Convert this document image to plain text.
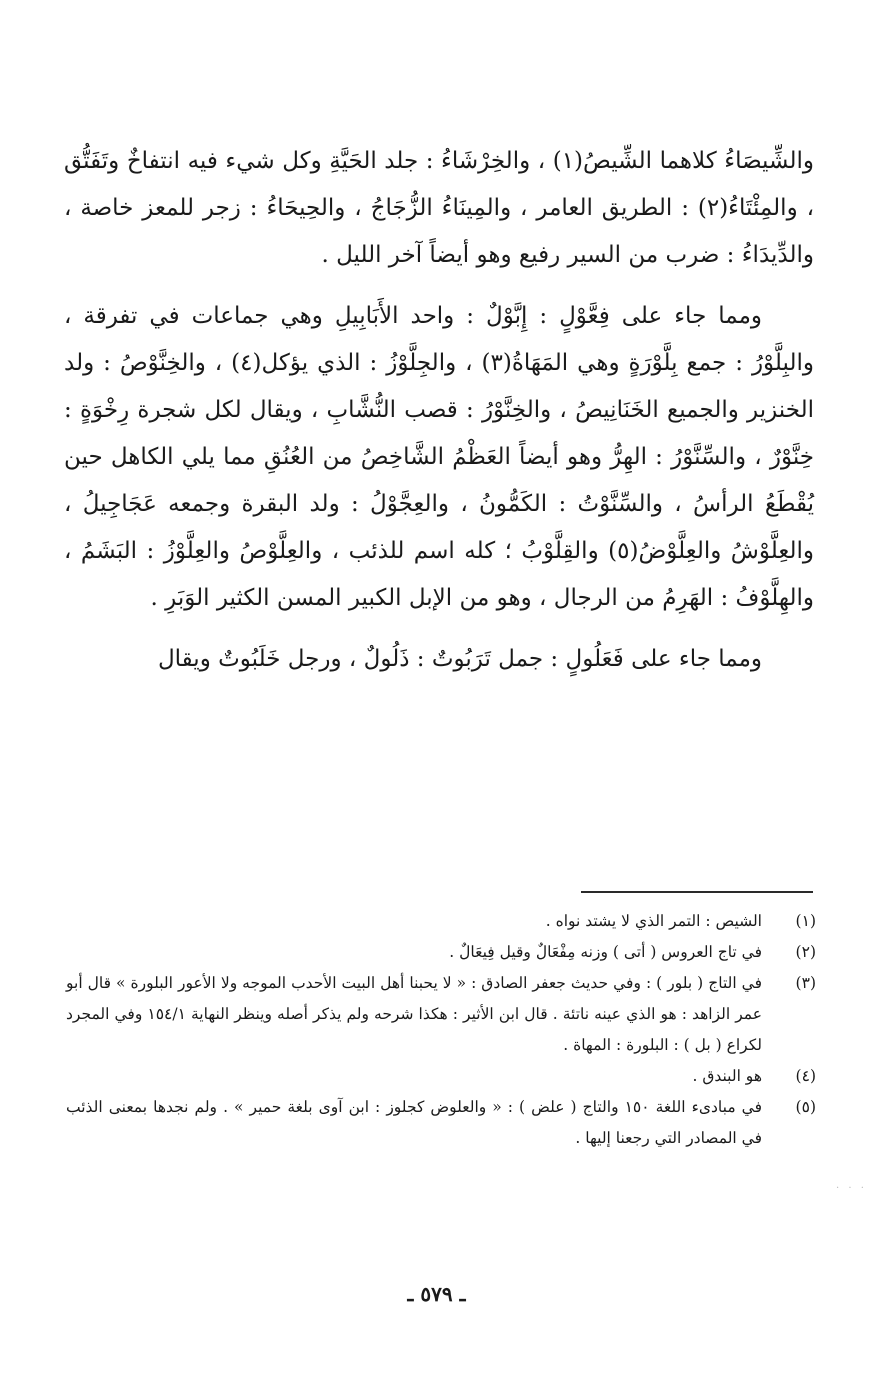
والشِّيصَاءُ كلاهما الشِّيصُ(١) ، والخِرْشَاءُ : جلد الحَيَّةِ وكل شيء فيه انتفاخٌ وتَفَتُّق ، والمِئْتَاءُ(٢) : الطريق العامر ، والمِينَاءُ الزُّجَاجُ ، والحِيحَاءُ : زجر للمعز خاصة ، والدِّيدَاءُ : ضرب من السير رفيع وهو أيضاً آخر الليل .

ومما جاء على فِعَّوْلٍ : إِبَّوْلٌ : واحد الأَبَابِيلِ وهي جماعات في تفرقة ، والبِلَّوْرُ : جمع بِلَّوْرَةٍ وهي المَهَاةُ(٣) ، والجِلَّوْزُ : الذي يؤكل(٤) ، والخِنَّوْصُ : ولد الخنزير والجميع الخَنَانِيصُ ، والخِنَّوْرُ : قصب النُّشَّابِ ، ويقال لكل شجرة رِخْوَةٍ : خِنَّوْرٌ ، والسِّنَّوْرُ : الهِرُّ وهو أيضاً العَظْمُ الشَّاخِصُ من العُنُقِ مما يلي الكاهل حين يُقْطَعُ الرأسُ ، والسِّنَّوْتُ : الكَمُّونُ ، والعِجَّوْلُ : ولد البقرة وجمعه عَجَاجِيلُ ، والعِلَّوْشُ والعِلَّوْضُ(٥) والقِلَّوْبُ ؛ كله اسم للذئب ، والعِلَّوْصُ والعِلَّوْزُ : البَشَمُ ، والهِلَّوْفُ : الهَرِمُ من الرجال ، وهو من الإبل الكبير المسن الكثير الوَبَرِ .

ومما جاء على فَعَلُولٍ : جمل تَرَبُوتٌ : ذَلُولٌ ، ورجل خَلَبُوتٌ ويقال

(١)
الشيص : التمر الذي لا يشتد نواه .
(٢)
في تاج العروس ( أتى ) وزنه مِفْعَالٌ وقيل فِيعَالٌ .
(٣)
في التاج ( بلور ) : وفي حديث جعفر الصادق : « لا يحبنا أهل البيت الأحدب الموجه ولا الأعور البلورة » قال أبو عمر الزاهد : هو الذي عينه ناتئة . قال ابن الأثير : هكذا شرحه ولم يذكر أصله وينظر النهاية ١٥٤/١ وفي المجرد لكراع ( بل ) : البلورة : المهاة .
(٤)
هو البندق .
(٥)
في مبادىء اللغة ١٥٠ والتاج ( علض ) : « والعلوض كجلوز : ابن آوى بلغة حمير » . ولم نجدها بمعنى الذئب في المصادر التي رجعنا إليها .
ـ ٥٧٩ ـ
. . .
